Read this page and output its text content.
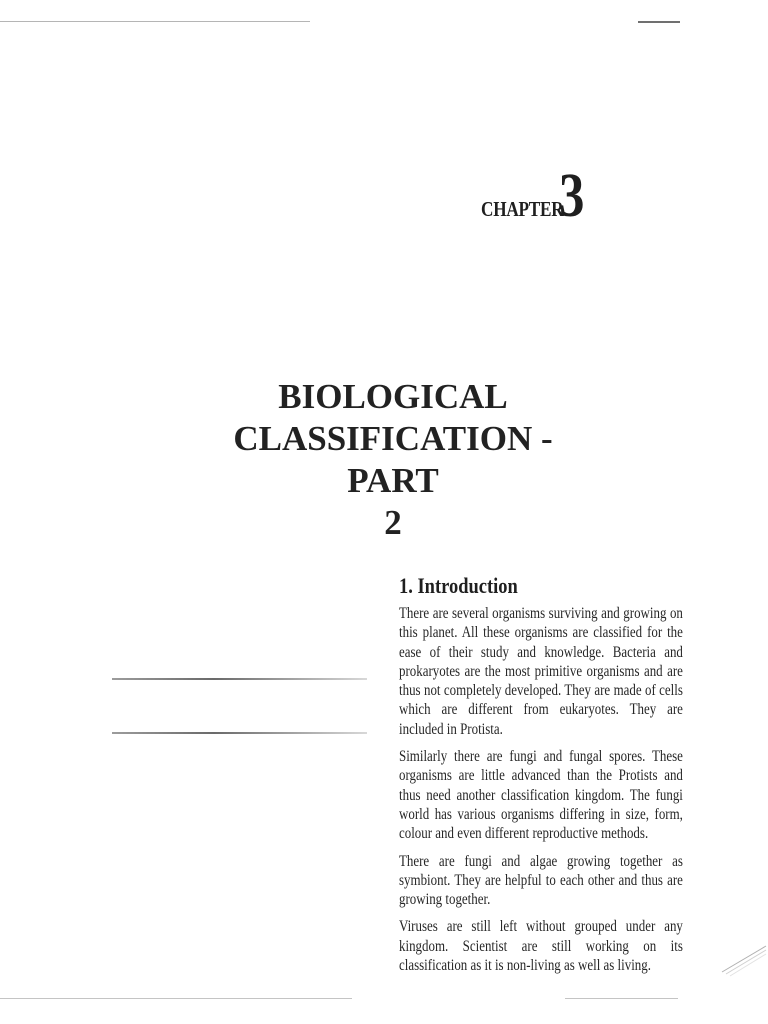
CHAPTER
3
BIOLOGICAL
CLASSIFICATION -
PART
2
1. Introduction

There are several organisms surviving and growing on this planet. All these organisms are classified for the ease of their study and knowledge. Bacteria and prokaryotes are the most primitive organisms and are thus not completely developed. They are made of cells which are different from eukaryotes. They are included in Protista.

Similarly there are fungi and fungal spores. These organisms are little advanced than the Protists and thus need another classification kingdom. The fungi world has various organisms differing in size, form, colour and even different reproductive methods.

There are fungi and algae growing together as symbiont. They are helpful to each other and thus are growing together.

Viruses are still left without grouped under any kingdom. Scientist are still working on its classification as it is non-living as well as living.
